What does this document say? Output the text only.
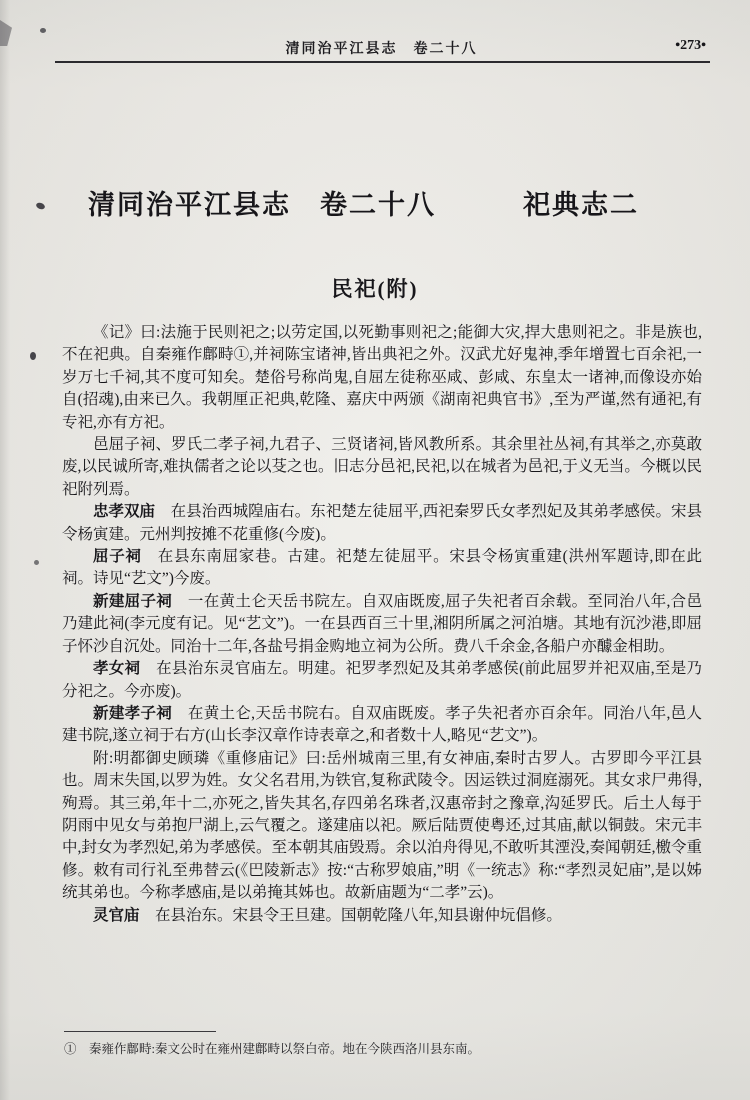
清同治平江县志　卷二十八	•273•
清同治平江县志　卷二十八　　　祀典志二
民祀(附)

《记》曰:法施于民则祀之;以劳定国,以死勤事则祀之;能御大灾,捍大患则祀之。非是族也,不在祀典。自秦雍作鄜畤①,并祠陈宝诸神,皆出典祀之外。汉武尤好鬼神,季年增置七百余祀,一岁万七千祠,其不度可知矣。楚俗号称尚鬼,自屈左徒称巫咸、彭咸、东皇太一诸神,而像设亦始自(招魂),由来已久。我朝厘正祀典,乾隆、嘉庆中两颁《湖南祀典官书》,至为严谨,然有通祀,有专祀,亦有方祀。

邑屈子祠、罗氏二孝子祠,九君子、三贤诸祠,皆风教所系。其余里社丛祠,有其举之,亦莫敢废,以民诚所寄,难执儒者之论以芟之也。旧志分邑祀,民祀,以在城者为邑祀,于义无当。今概以民祀附列焉。

忠孝双庙　在县治西城隍庙右。东祀楚左徒屈平,西祀秦罗氏女孝烈妃及其弟孝感侯。宋县令杨寅建。元州判按摊不花重修(今废)。

屈子祠　在县东南屈家巷。古建。祀楚左徒屈平。宋县令杨寅重建(洪州军题诗,即在此祠。诗见“艺文”)今废。

新建屈子祠　一在黄土仑天岳书院左。自双庙既废,屈子失祀者百余载。至同治八年,合邑乃建此祠(李元度有记。见“艺文”)。一在县西百三十里,湘阴所属之河泊塘。其地有沉沙港,即屈子怀沙自沉处。同治十二年,各盐号捐金购地立祠为公所。费八千余金,各船户亦醵金相助。

孝女祠　在县治东灵官庙左。明建。祀罗孝烈妃及其弟孝感侯(前此屈罗并祀双庙,至是乃分祀之。今亦废)。

新建孝子祠　在黄土仑,天岳书院右。自双庙既废。孝子失祀者亦百余年。同治八年,邑人建书院,遂立祠于右方(山长李汉章作诗表章之,和者数十人,略见“艺文”)。

附:明都御史顾璘《重修庙记》曰:岳州城南三里,有女神庙,秦时古罗人。古罗即今平江县也。周末失国,以罗为姓。女父名君用,为铁官,复称武陵令。因运铁过洞庭溺死。其女求尸弗得,殉焉。其三弟,年十二,亦死之,皆失其名,存四弟名珠者,汉惠帝封之豫章,沟延罗氏。后土人每于阴雨中见女与弟抱尸湖上,云气覆之。遂建庙以祀。厥后陆贾使粤还,过其庙,献以铜鼓。宋元丰中,封女为孝烈妃,弟为孝感侯。至本朝其庙毁焉。余以泊舟得见,不敢听其湮没,奏闻朝廷,檄令重修。敕有司行礼至弗替云(《巴陵新志》按:“古称罗娘庙,”明《一统志》称:“孝烈灵妃庙”,是以姊统其弟也。今称孝感庙,是以弟掩其姊也。故新庙题为“二孝”云)。

灵官庙　在县治东。宋县令王旦建。国朝乾隆八年,知县谢仲坃倡修。

①　秦雍作鄜畤:秦文公时在雍州建鄜畤以祭白帝。地在今陕西洛川县东南。
